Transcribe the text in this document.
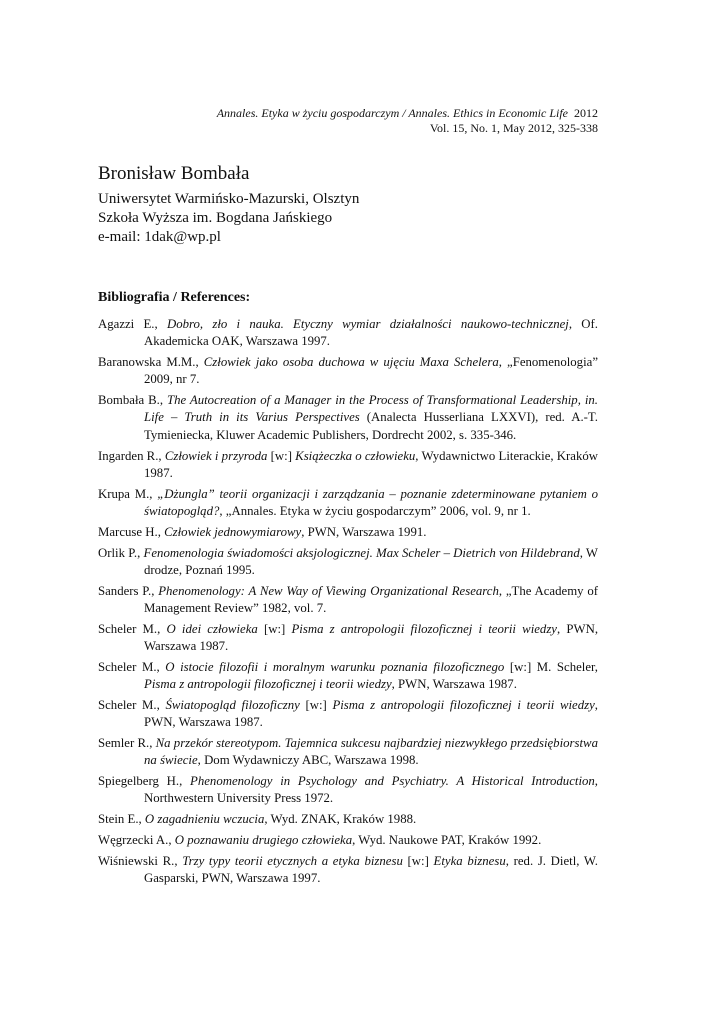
Annales. Etyka w życiu gospodarczym / Annales. Ethics in Economic Life 2012
Vol. 15, No. 1, May 2012, 325-338
Bronisław Bombała
Uniwersytet Warmińsko-Mazurski, Olsztyn
Szkoła Wyższa im. Bogdana Jańskiego
e-mail: 1dak@wp.pl
Bibliografia / References:
Agazzi E., Dobro, zło i nauka. Etyczny wymiar działalności naukowo-technicznej, Of. Akademicka OAK, Warszawa 1997.
Baranowska M.M., Człowiek jako osoba duchowa w ujęciu Maxa Schelera, „Fenomenologia” 2009, nr 7.
Bombała B., The Autocreation of a Manager in the Process of Transformational Leadership, in. Life – Truth in its Varius Perspectives (Analecta Husserliana LXXVI), red. A.-T. Tymieniecka, Kluwer Academic Publishers, Dordrecht 2002, s. 335-346.
Ingarden R., Człowiek i przyroda [w:] Książeczka o człowieku, Wydawnictwo Literackie, Kraków 1987.
Krupa M., „Dżungla” teorii organizacji i zarządzania – poznanie zdeterminowane pytaniem o światopogląd?, „Annales. Etyka w życiu gospodarczym” 2006, vol. 9, nr 1.
Marcuse H., Człowiek jednowymiarowy, PWN, Warszawa 1991.
Orlik P., Fenomenologia świadomości aksjologicznej. Max Scheler – Dietrich von Hildebrand, W drodze, Poznań 1995.
Sanders P., Phenomenology: A New Way of Viewing Organizational Research, „The Academy of Management Review” 1982, vol. 7.
Scheler M., O idei człowieka [w:] Pisma z antropologii filozoficznej i teorii wiedzy, PWN, Warszawa 1987.
Scheler M., O istocie filozofii i moralnym warunku poznania filozoficznego [w:] M. Scheler, Pisma z antropologii filozoficznej i teorii wiedzy, PWN, Warszawa 1987.
Scheler M., Światopogląd filozoficzny [w:] Pisma z antropologii filozoficznej i teorii wiedzy, PWN, Warszawa 1987.
Semler R., Na przekór stereotypom. Tajemnica sukcesu najbardziej niezwykłego przedsiębiorstwa na świecie, Dom Wydawniczy ABC, Warszawa 1998.
Spiegelberg H., Phenomenology in Psychology and Psychiatry. A Historical Introduction, Northwestern University Press 1972.
Stein E., O zagadnieniu wczucia, Wyd. ZNAK, Kraków 1988.
Węgrzecki A., O poznawaniu drugiego człowieka, Wyd. Naukowe PAT, Kraków 1992.
Wiśniewski R., Trzy typy teorii etycznych a etyka biznesu [w:] Etyka biznesu, red. J. Dietl, W. Gasparski, PWN, Warszawa 1997.
